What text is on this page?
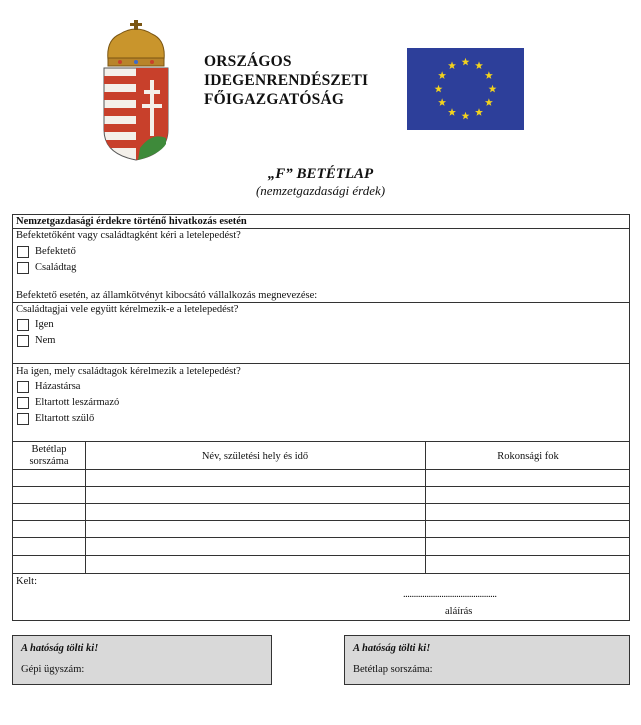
ORSZÁGOS
IDEGENRENDÉSZETI
FŐIGAZGATÓSÁG
„F” BETÉTLAP
(nemzetgazdasági érdek)
Nemzetgazdasági érdekre történő hivatkozás esetén
Befektetőként vagy családtagként kéri a letelepedést?
Befektető
Családtag
Befektető esetén, az államkötvényt kibocsátó vállalkozás megnevezése:
Családtagjai vele együtt kérelmezik-e a letelepedést?
Igen
Nem
Ha igen, mely családtagok kérelmezik a letelepedést?
Házastársa
Eltartott leszármazó
Eltartott szülő
Betétlap
sorszáma	Név, születési hely és idő	Rokonsági fok
Kelt:
............................................
aláírás
A hatóság tölti ki!
Gépi ügyszám:
A hatóság tölti ki!
Betétlap sorszáma:
